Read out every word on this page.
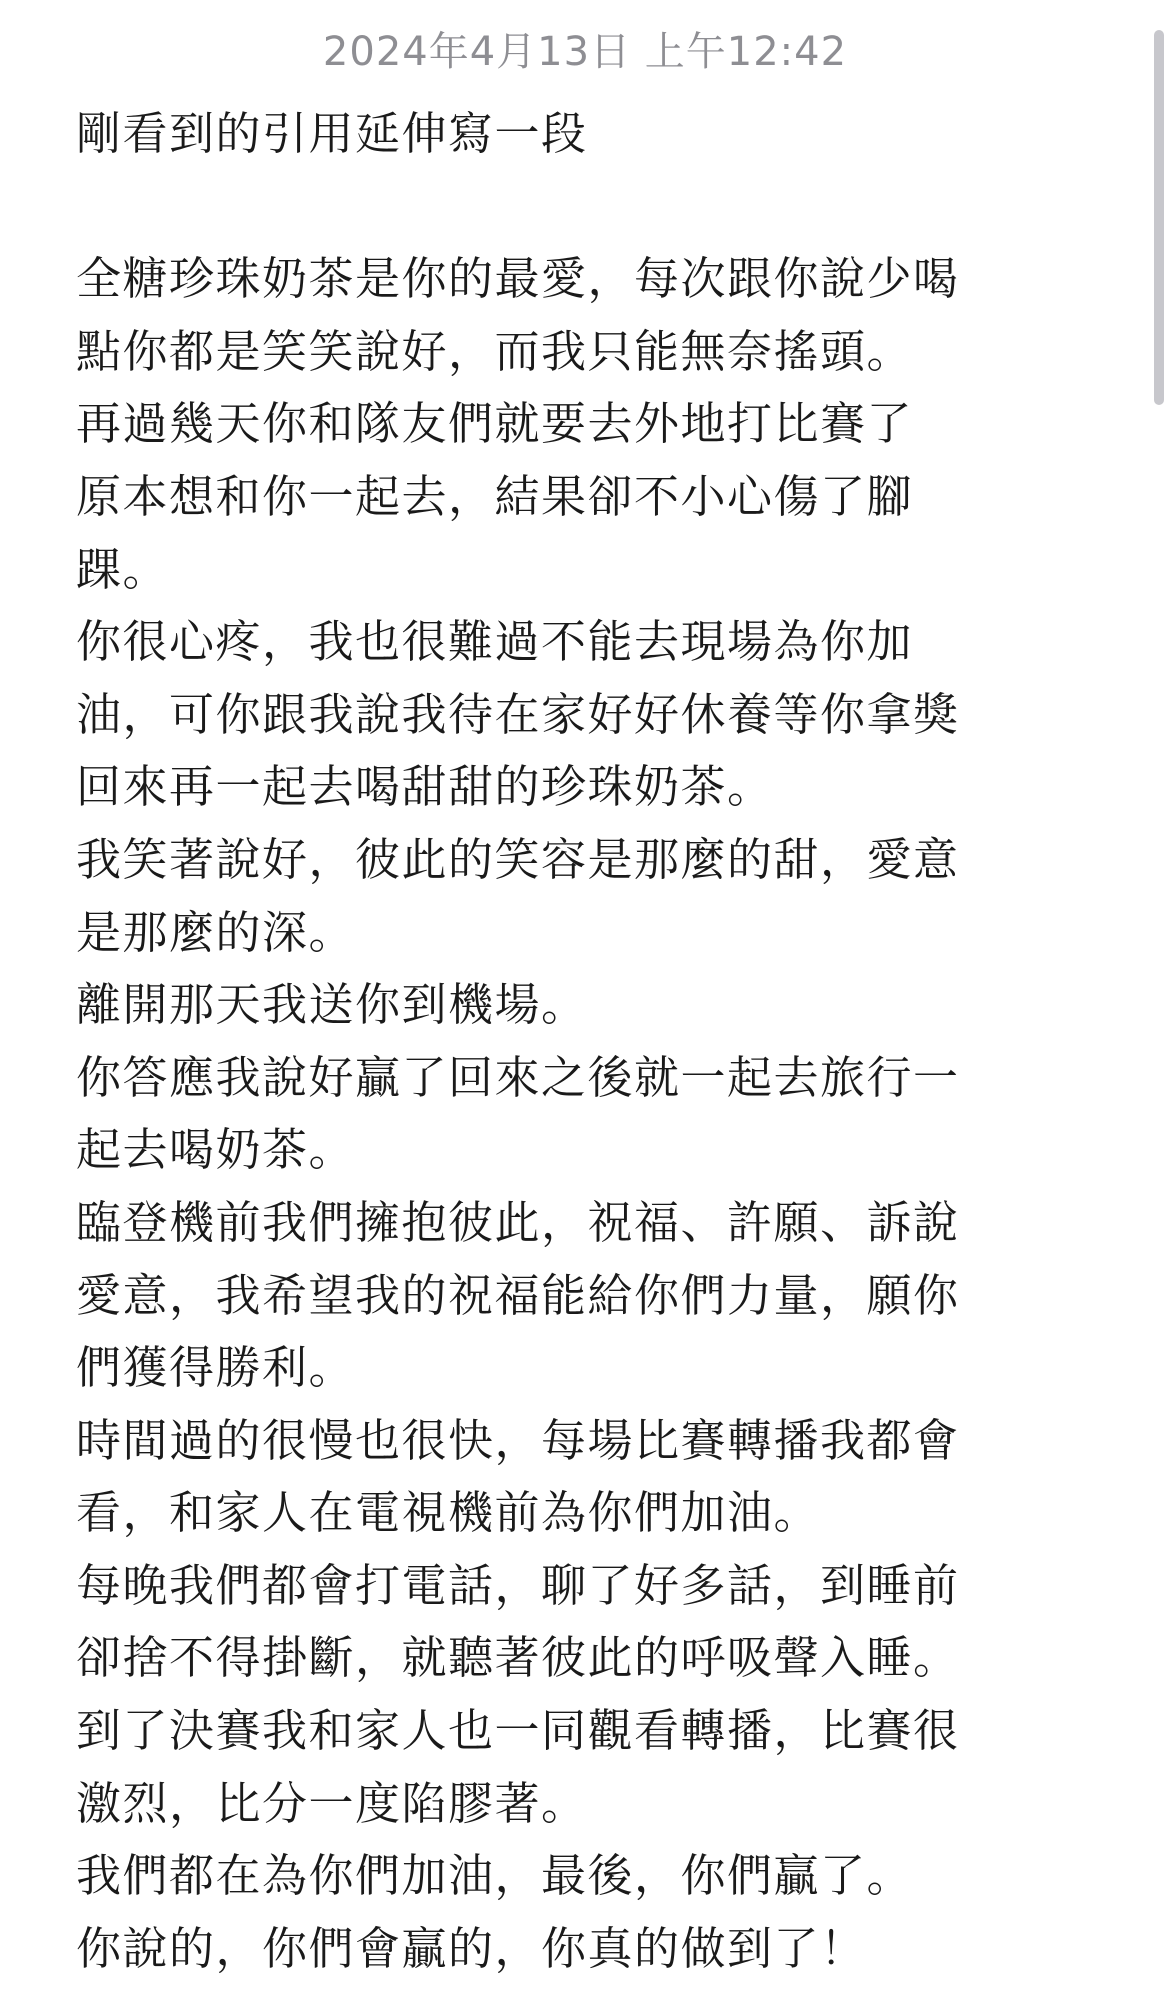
2024年4月13日 上午12:42
剛看到的引用延伸寫一段
全糖珍珠奶茶是你的最愛，每次跟你說少喝
點你都是笑笑說好，而我只能無奈搖頭。
再過幾天你和隊友們就要去外地打比賽了
原本想和你一起去，結果卻不小心傷了腳
踝。
你很心疼，我也很難過不能去現場為你加
油，可你跟我說我待在家好好休養等你拿獎
回來再一起去喝甜甜的珍珠奶茶。
我笑著說好，彼此的笑容是那麼的甜，愛意
是那麼的深。
離開那天我送你到機場。
你答應我說好贏了回來之後就一起去旅行一
起去喝奶茶。
臨登機前我們擁抱彼此，祝福、許願、訴說
愛意，我希望我的祝福能給你們力量，願你
們獲得勝利。
時間過的很慢也很快，每場比賽轉播我都會
看，和家人在電視機前為你們加油。
每晚我們都會打電話，聊了好多話，到睡前
卻捨不得掛斷，就聽著彼此的呼吸聲入睡。
到了決賽我和家人也一同觀看轉播，比賽很
激烈，比分一度陷膠著。
我們都在為你們加油，最後，你們贏了。
你說的，你們會贏的，你真的做到了！
